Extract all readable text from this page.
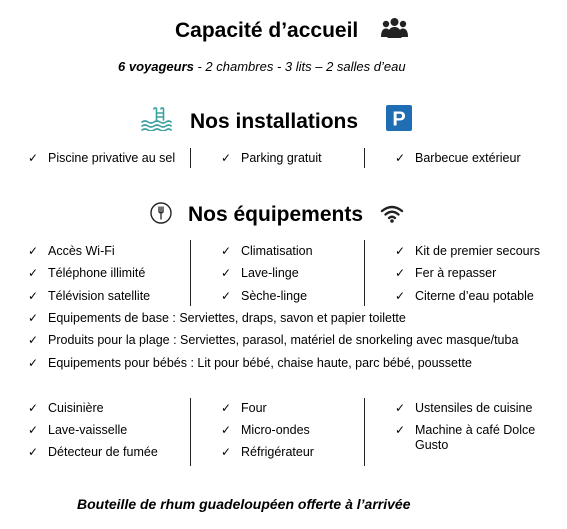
Capacité d’accueil
6 voyageurs - 2 chambres - 3 lits – 2 salles d’eau
Nos installations P
✓ Piscine privative au sel	✓ Parking gratuit	✓ Barbecue extérieur
Nos équipements
✓ Accès Wi-Fi
✓ Téléphone illimité
✓ Télévision satellite
✓ Climatisation
✓ Lave-linge
✓ Sèche-linge
✓ Kit de premier secours
✓ Fer à repasser
✓ Citerne d’eau potable
✓ Equipements de base : Serviettes, draps, savon et papier toilette
✓ Produits pour la plage : Serviettes, parasol, matériel de snorkeling avec masque/tuba
✓ Equipements pour bébés : Lit pour bébé, chaise haute, parc bébé, poussette
✓ Cuisinière
✓ Lave-vaisselle
✓ Détecteur de fumée
✓ Four
✓ Micro-ondes
✓ Réfrigérateur
✓ Ustensiles de cuisine
✓ Machine à café Dolce Gusto
Bouteille de rhum guadeloupéen offerte à l’arrivée
